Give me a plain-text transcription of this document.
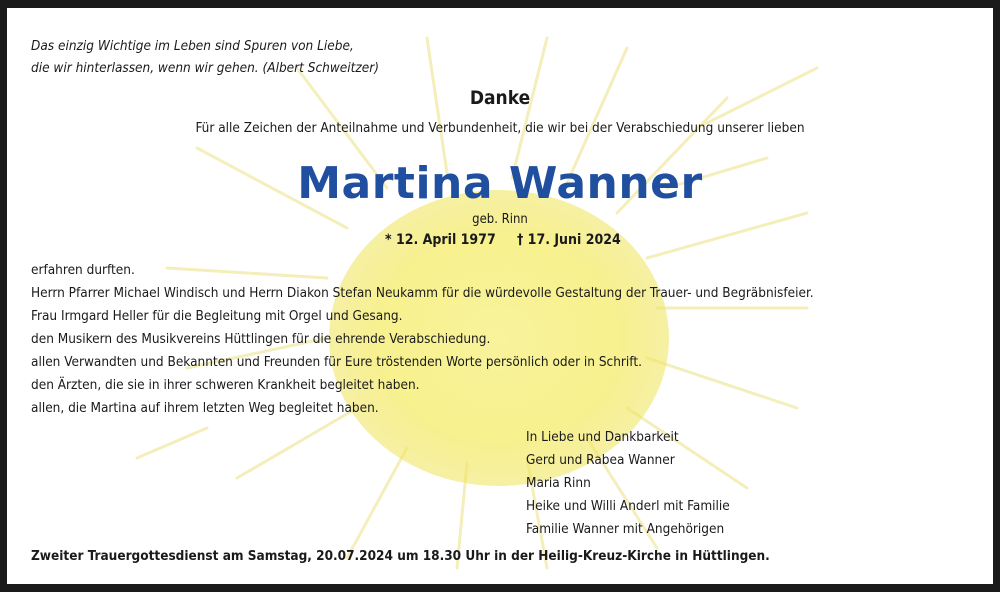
Das einzig Wichtige im Leben sind Spuren von Liebe,
die wir hinterlassen, wenn wir gehen. (Albert Schweitzer)
Danke
Für alle Zeichen der Anteilnahme und Verbundenheit, die wir bei der Verabschiedung unserer lieben
Martina Wanner
geb. Rinn
* 12. April 1977 † 17. Juni 2024
erfahren durften.
Herrn Pfarrer Michael Windisch und Herrn Diakon Stefan Neukamm für die würdevolle Gestaltung der Trauer- und Begräbnisfeier.
Frau Irmgard Heller für die Begleitung mit Orgel und Gesang.
den Musikern des Musikvereins Hüttlingen für die ehrende Verabschiedung.
allen Verwandten und Bekannten und Freunden für Eure tröstenden Worte persönlich oder in Schrift.
den Ärzten, die sie in ihrer schweren Krankheit begleitet haben.
allen, die Martina auf ihrem letzten Weg begleitet haben.
In Liebe und Dankbarkeit
Gerd und Rabea Wanner
Maria Rinn
Heike und Willi Anderl mit Familie
Familie Wanner mit Angehörigen
Zweiter Trauergottesdienst am Samstag, 20.07.2024 um 18.30 Uhr in der Heilig-Kreuz-Kirche in Hüttlingen.
